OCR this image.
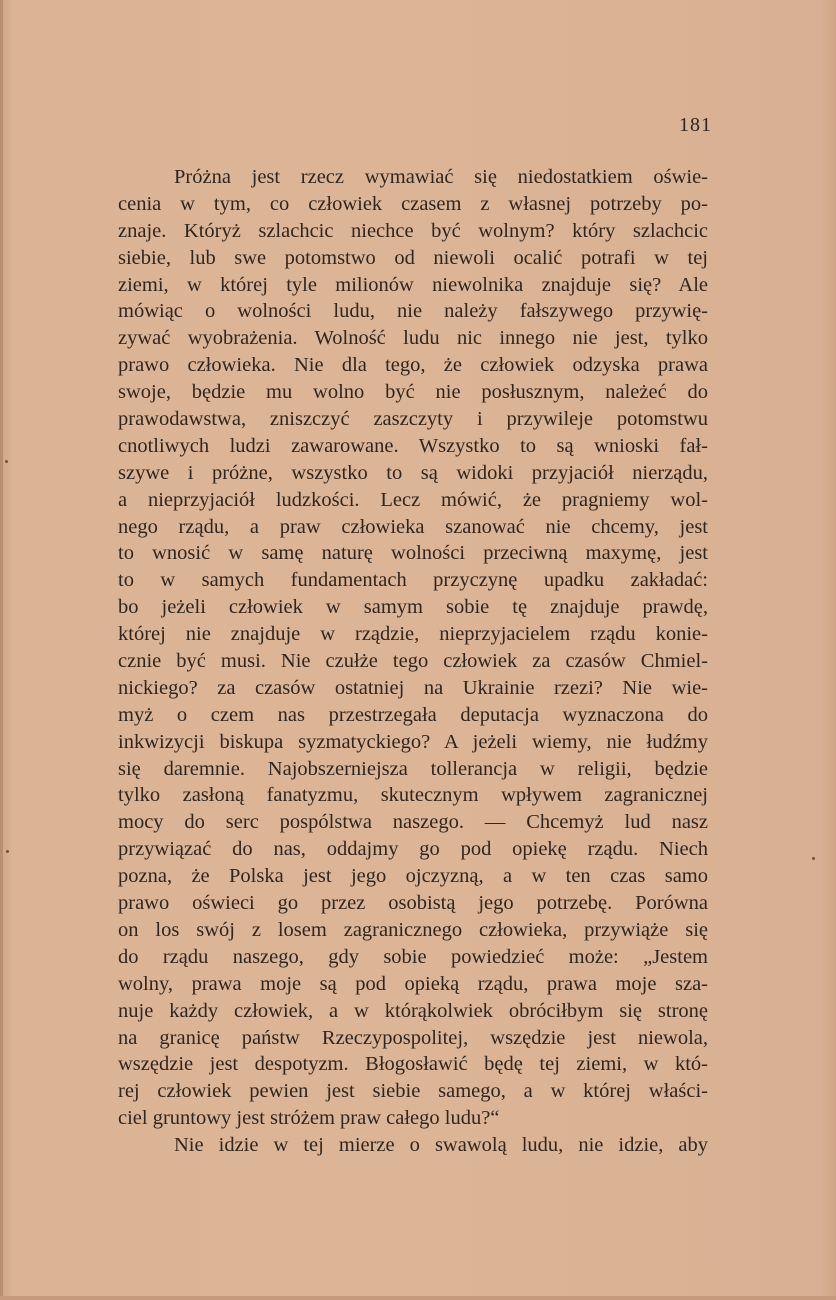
181
Próżna jest rzecz wymawiać się niedostatkiem oświe-
cenia w tym, co człowiek czasem z własnej potrzeby po-
znaje. Któryż szlachcic niechce być wolnym? który szlachcic
siebie, lub swe potomstwo od niewoli ocalić potrafi w tej
ziemi, w której tyle milionów niewolnika znajduje się? Ale
mówiąc o wolności ludu, nie należy fałszywego przywię-
zywać wyobrażenia. Wolność ludu nic innego nie jest, tylko
prawo człowieka. Nie dla tego, że człowiek odzyska prawa
swoje, będzie mu wolno być nie posłusznym, należeć do
prawodawstwa, zniszczyć zaszczyty i przywileje potomstwu
cnotliwych ludzi zawarowane. Wszystko to są wnioski fał-
szywe i próżne, wszystko to są widoki przyjaciół nierządu,
a nieprzyjaciół ludzkości. Lecz mówić, że pragniemy wol-
nego rządu, a praw człowieka szanować nie chcemy, jest
to wnosić w samę naturę wolności przeciwną maxymę, jest
to w samych fundamentach przyczynę upadku zakładać:
bo jeżeli człowiek w samym sobie tę znajduje prawdę,
której nie znajduje w rządzie, nieprzyjacielem rządu konie-
cznie być musi. Nie czułże tego człowiek za czasów Chmiel-
nickiego? za czasów ostatniej na Ukrainie rzezi? Nie wie-
myż o czem nas przestrzegała deputacja wyznaczona do
inkwizycji biskupa syzmatyckiego? A jeżeli wiemy, nie łudźmy
się daremnie. Najobszerniejsza tollerancja w religii, będzie
tylko zasłoną fanatyzmu, skutecznym wpływem zagranicznej
mocy do serc pospólstwa naszego. — Chcemyż lud nasz
przywiązać do nas, oddajmy go pod opiekę rządu. Niech
pozna, że Polska jest jego ojczyzną, a w ten czas samo
prawo oświeci go przez osobistą jego potrzebę. Porówna
on los swój z losem zagranicznego człowieka, przywiąże się
do rządu naszego, gdy sobie powiedzieć może: „Jestem
wolny, prawa moje są pod opieką rządu, prawa moje sza-
nuje każdy człowiek, a w którąkolwiek obróciłbym się stronę
na granicę państw Rzeczypospolitej, wszędzie jest niewola,
wszędzie jest despotyzm. Błogosławić będę tej ziemi, w któ-
rej człowiek pewien jest siebie samego, a w której właści-
ciel gruntowy jest stróżem praw całego ludu?“
Nie idzie w tej mierze o swawolą ludu, nie idzie, aby
